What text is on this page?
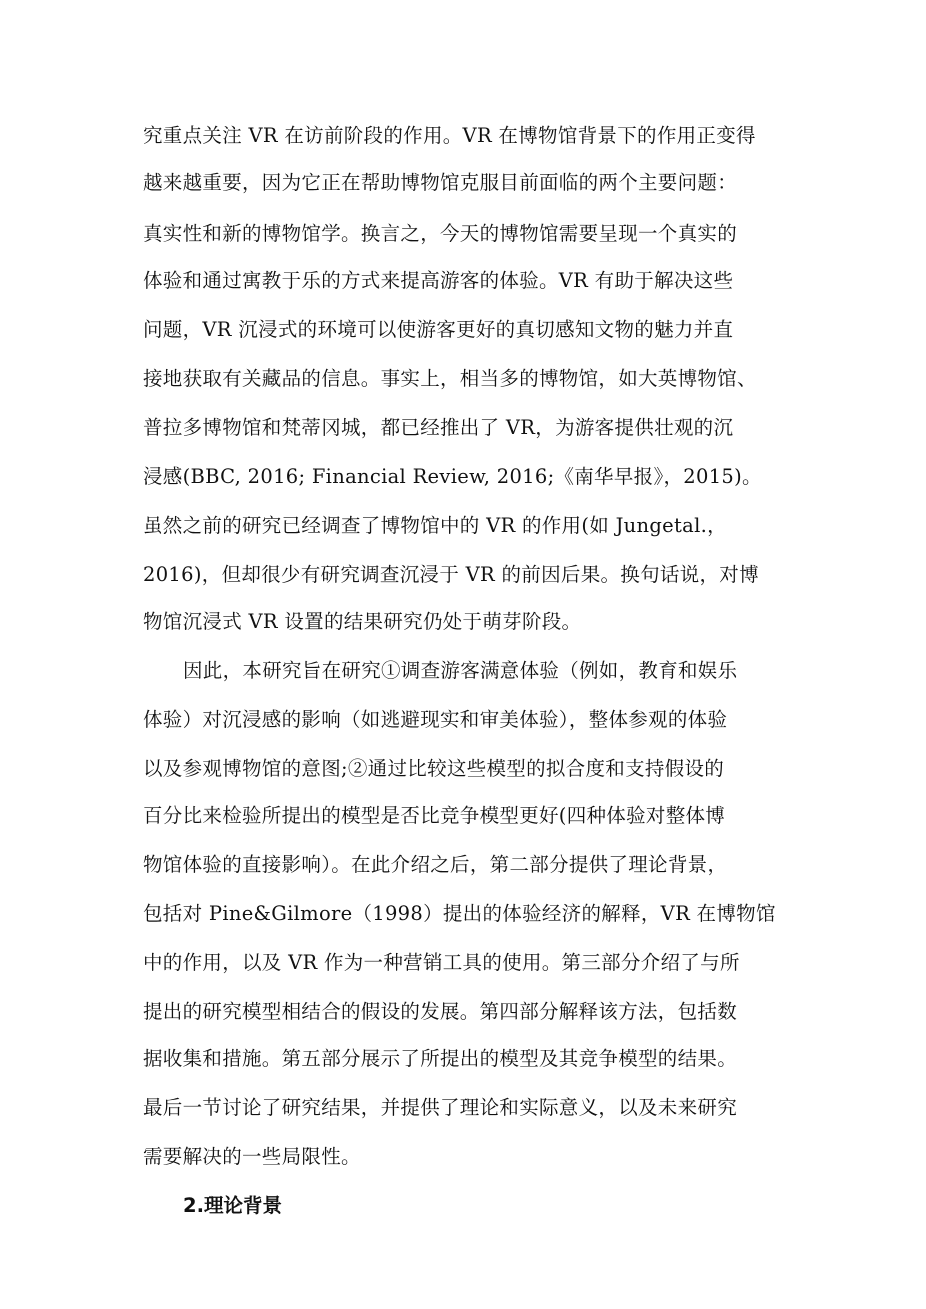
究重点关注 VR 在访前阶段的作用。VR 在博物馆背景下的作用正变得
越来越重要，因为它正在帮助博物馆克服目前面临的两个主要问题：
真实性和新的博物馆学。换言之，今天的博物馆需要呈现一个真实的
体验和通过寓教于乐的方式来提高游客的体验。VR 有助于解决这些
问题，VR 沉浸式的环境可以使游客更好的真切感知文物的魅力并直
接地获取有关藏品的信息。事实上，相当多的博物馆，如大英博物馆、
普拉多博物馆和梵蒂冈城，都已经推出了 VR，为游客提供壮观的沉
浸感(BBC, 2016; Financial Review, 2016;《南华早报》，2015)。
虽然之前的研究已经调查了博物馆中的 VR 的作用(如 Jungetal.，
2016)，但却很少有研究调查沉浸于 VR 的前因后果。换句话说，对博
物馆沉浸式 VR 设置的结果研究仍处于萌芽阶段。
因此，本研究旨在研究①调查游客满意体验（例如，教育和娱乐
体验）对沉浸感的影响（如逃避现实和审美体验），整体参观的体验
以及参观博物馆的意图;②通过比较这些模型的拟合度和支持假设的
百分比来检验所提出的模型是否比竞争模型更好(四种体验对整体博
物馆体验的直接影响）。在此介绍之后，第二部分提供了理论背景，
包括对 Pine&Gilmore（1998）提出的体验经济的解释，VR 在博物馆
中的作用，以及 VR 作为一种营销工具的使用。第三部分介绍了与所
提出的研究模型相结合的假设的发展。第四部分解释该方法，包括数
据收集和措施。第五部分展示了所提出的模型及其竞争模型的结果。
最后一节讨论了研究结果，并提供了理论和实际意义，以及未来研究
需要解决的一些局限性。
2.理论背景
